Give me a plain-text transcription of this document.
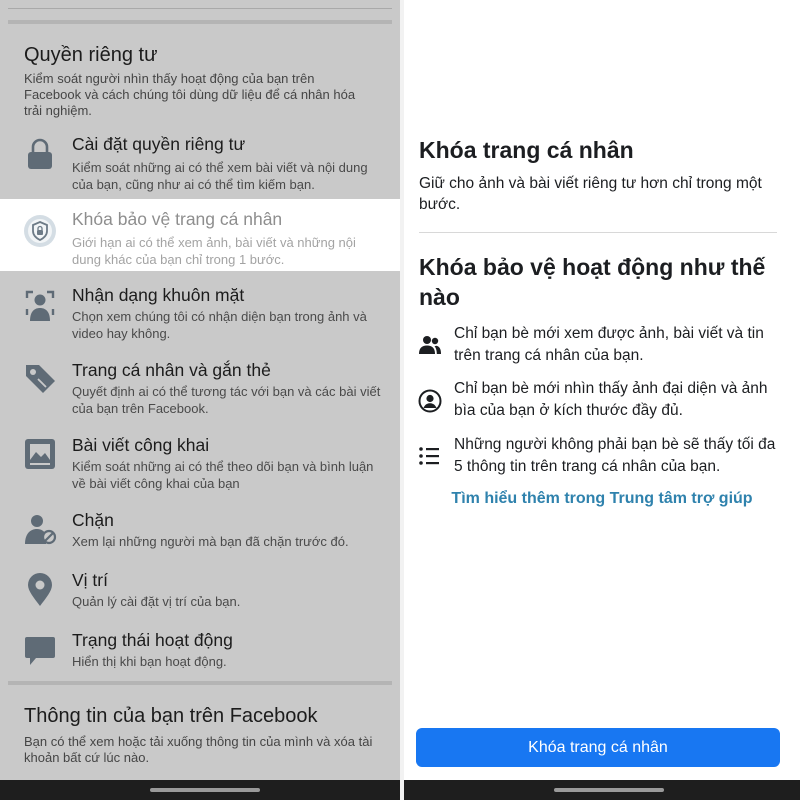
Quyền riêng tư
Kiểm soát người nhìn thấy hoạt động của bạn trên Facebook và cách chúng tôi dùng dữ liệu để cá nhân hóa trải nghiệm.
Cài đặt quyền riêng tư
Kiểm soát những ai có thể xem bài viết và nội dung của bạn, cũng như ai có thể tìm kiếm bạn.
Khóa bảo vệ trang cá nhân
Giới hạn ai có thể xem ảnh, bài viết và những nội dung khác của bạn chỉ trong 1 bước.
Nhận dạng khuôn mặt
Chọn xem chúng tôi có nhận diện bạn trong ảnh và video hay không.
Trang cá nhân và gắn thẻ
Quyết định ai có thể tương tác với bạn và các bài viết của bạn trên Facebook.
Bài viết công khai
Kiểm soát những ai có thể theo dõi bạn và bình luận về bài viết công khai của bạn
Chặn
Xem lại những người mà bạn đã chặn trước đó.
Vị trí
Quản lý cài đặt vị trí của bạn.
Trạng thái hoạt động
Hiển thị khi bạn hoạt động.
Thông tin của bạn trên Facebook
Bạn có thể xem hoặc tải xuống thông tin của mình và xóa tài khoản bất cứ lúc nào.
Khóa trang cá nhân
Giữ cho ảnh và bài viết riêng tư hơn chỉ trong một bước.
Khóa bảo vệ hoạt động như thế nào
Chỉ bạn bè mới xem được ảnh, bài viết và tin trên trang cá nhân của bạn.
Chỉ bạn bè mới nhìn thấy ảnh đại diện và ảnh bìa của bạn ở kích thước đầy đủ.
Những người không phải bạn bè sẽ thấy tối đa 5 thông tin trên trang cá nhân của bạn.
Tìm hiểu thêm trong Trung tâm trợ giúp
Khóa trang cá nhân
